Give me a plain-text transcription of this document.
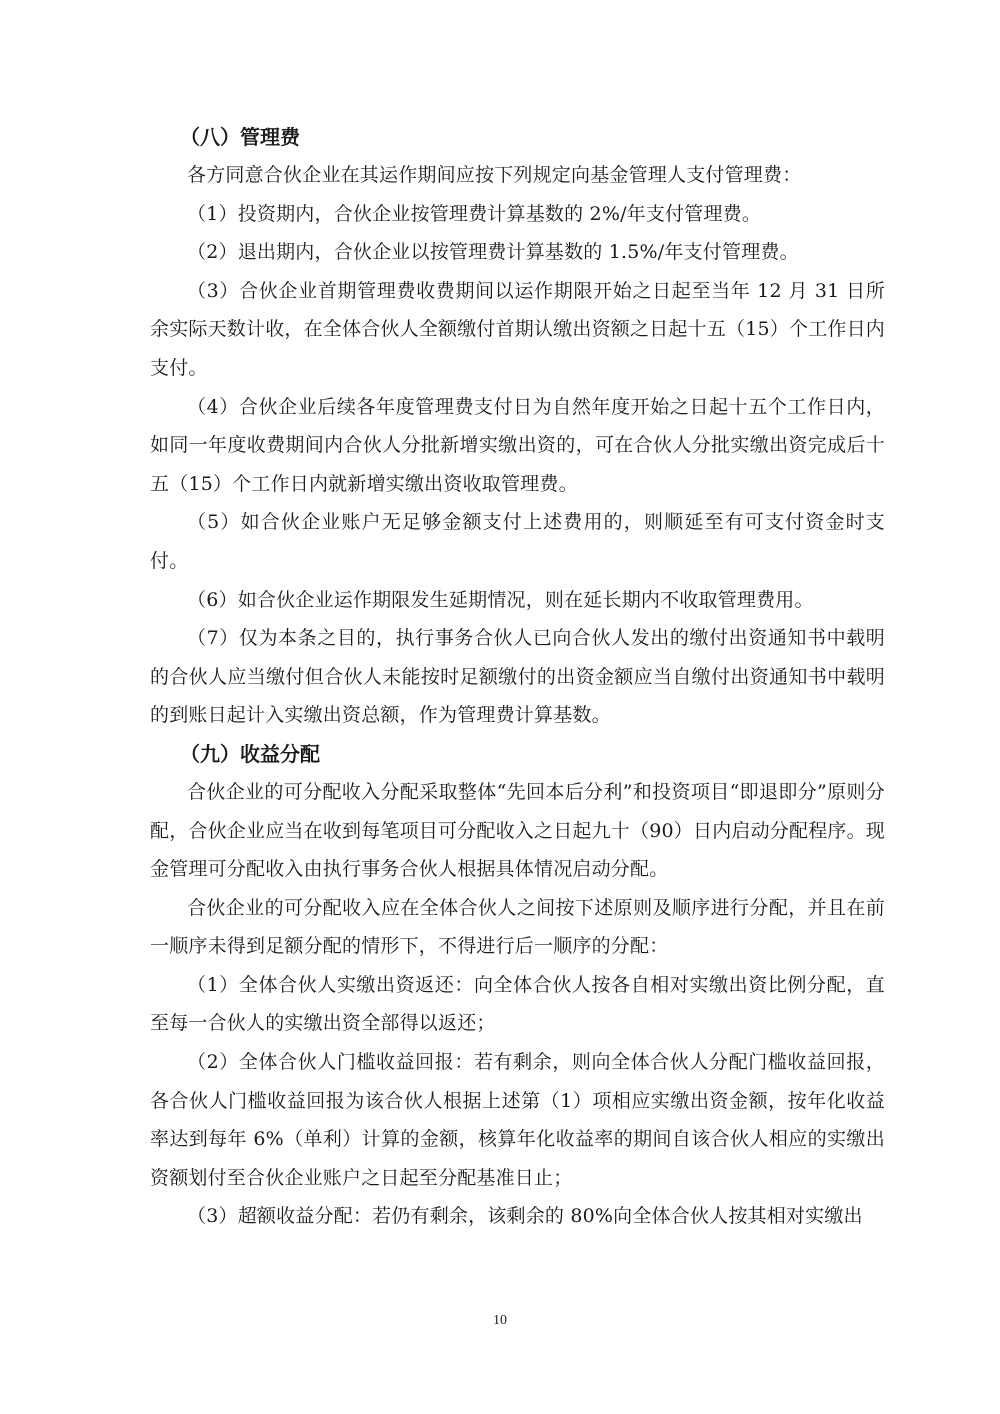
（八）管理费

各方同意合伙企业在其运作期间应按下列规定向基金管理人支付管理费：

（1）投资期内，合伙企业按管理费计算基数的 2%/年支付管理费。

（2）退出期内，合伙企业以按管理费计算基数的 1.5%/年支付管理费。

（3）合伙企业首期管理费收费期间以运作期限开始之日起至当年 12 月 31 日所余实际天数计收，在全体合伙人全额缴付首期认缴出资额之日起十五（15）个工作日内支付。

（4）合伙企业后续各年度管理费支付日为自然年度开始之日起十五个工作日内，如同一年度收费期间内合伙人分批新增实缴出资的，可在合伙人分批实缴出资完成后十五（15）个工作日内就新增实缴出资收取管理费。

（5）如合伙企业账户无足够金额支付上述费用的，则顺延至有可支付资金时支付。

（6）如合伙企业运作期限发生延期情况，则在延长期内不收取管理费用。

（7）仅为本条之目的，执行事务合伙人已向合伙人发出的缴付出资通知书中载明的合伙人应当缴付但合伙人未能按时足额缴付的出资金额应当自缴付出资通知书中载明的到账日起计入实缴出资总额，作为管理费计算基数。

（九）收益分配

合伙企业的可分配收入分配采取整体“先回本后分利”和投资项目“即退即分”原则分配，合伙企业应当在收到每笔项目可分配收入之日起九十（90）日内启动分配程序。现金管理可分配收入由执行事务合伙人根据具体情况启动分配。

合伙企业的可分配收入应在全体合伙人之间按下述原则及顺序进行分配，并且在前一顺序未得到足额分配的情形下，不得进行后一顺序的分配：

（1）全体合伙人实缴出资返还：向全体合伙人按各自相对实缴出资比例分配，直至每一合伙人的实缴出资全部得以返还；

（2）全体合伙人门槛收益回报：若有剩余，则向全体合伙人分配门槛收益回报，各合伙人门槛收益回报为该合伙人根据上述第（1）项相应实缴出资金额，按年化收益率达到每年 6%（单利）计算的金额，核算年化收益率的期间自该合伙人相应的实缴出资额划付至合伙企业账户之日起至分配基准日止；

（3）超额收益分配：若仍有剩余，该剩余的 80%向全体合伙人按其相对实缴出

10
